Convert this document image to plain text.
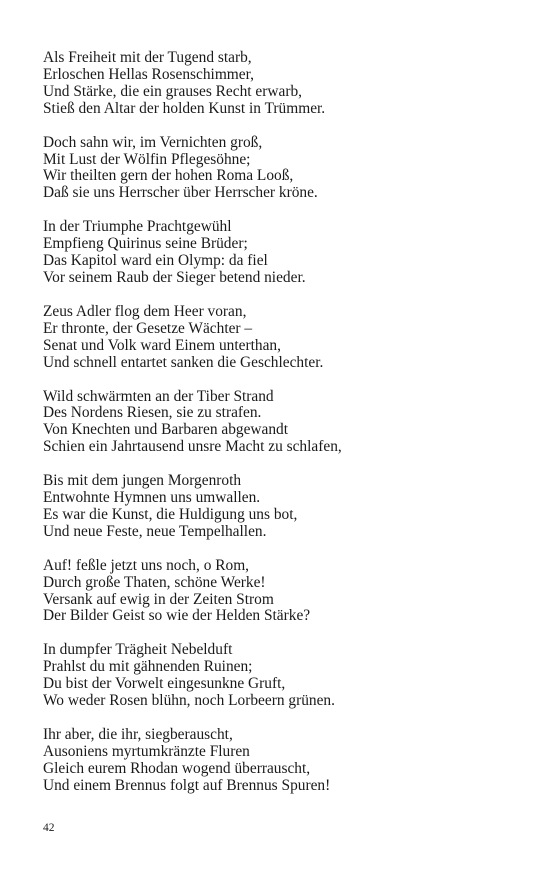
Als Freiheit mit der Tugend starb,
Erloschen Hellas Rosenschimmer,
Und Stärke, die ein grauses Recht erwarb,
Stieß den Altar der holden Kunst in Trümmer.
Doch sahn wir, im Vernichten groß,
Mit Lust der Wölfin Pflegesöhne;
Wir theilten gern der hohen Roma Looß,
Daß sie uns Herrscher über Herrscher kröne.
In der Triumphe Prachtgewühl
Empfieng Quirinus seine Brüder;
Das Kapitol ward ein Olymp: da fiel
Vor seinem Raub der Sieger betend nieder.
Zeus Adler flog dem Heer voran,
Er thronte, der Gesetze Wächter –
Senat und Volk ward Einem unterthan,
Und schnell entartet sanken die Geschlechter.
Wild schwärmten an der Tiber Strand
Des Nordens Riesen, sie zu strafen.
Von Knechten und Barbaren abgewandt
Schien ein Jahrtausend unsre Macht zu schlafen,
Bis mit dem jungen Morgenroth
Entwohnte Hymnen uns umwallen.
Es war die Kunst, die Huldigung uns bot,
Und neue Feste, neue Tempelhallen.
Auf! feßle jetzt uns noch, o Rom,
Durch große Thaten, schöne Werke!
Versank auf ewig in der Zeiten Strom
Der Bilder Geist so wie der Helden Stärke?
In dumpfer Trägheit Nebelduft
Prahlst du mit gähnenden Ruinen;
Du bist der Vorwelt eingesunkne Gruft,
Wo weder Rosen blühn, noch Lorbeern grünen.
Ihr aber, die ihr, siegberauscht,
Ausoniens myrtumkränzte Fluren
Gleich eurem Rhodan wogend überrauscht,
Und einem Brennus folgt auf Brennus Spuren!
42
